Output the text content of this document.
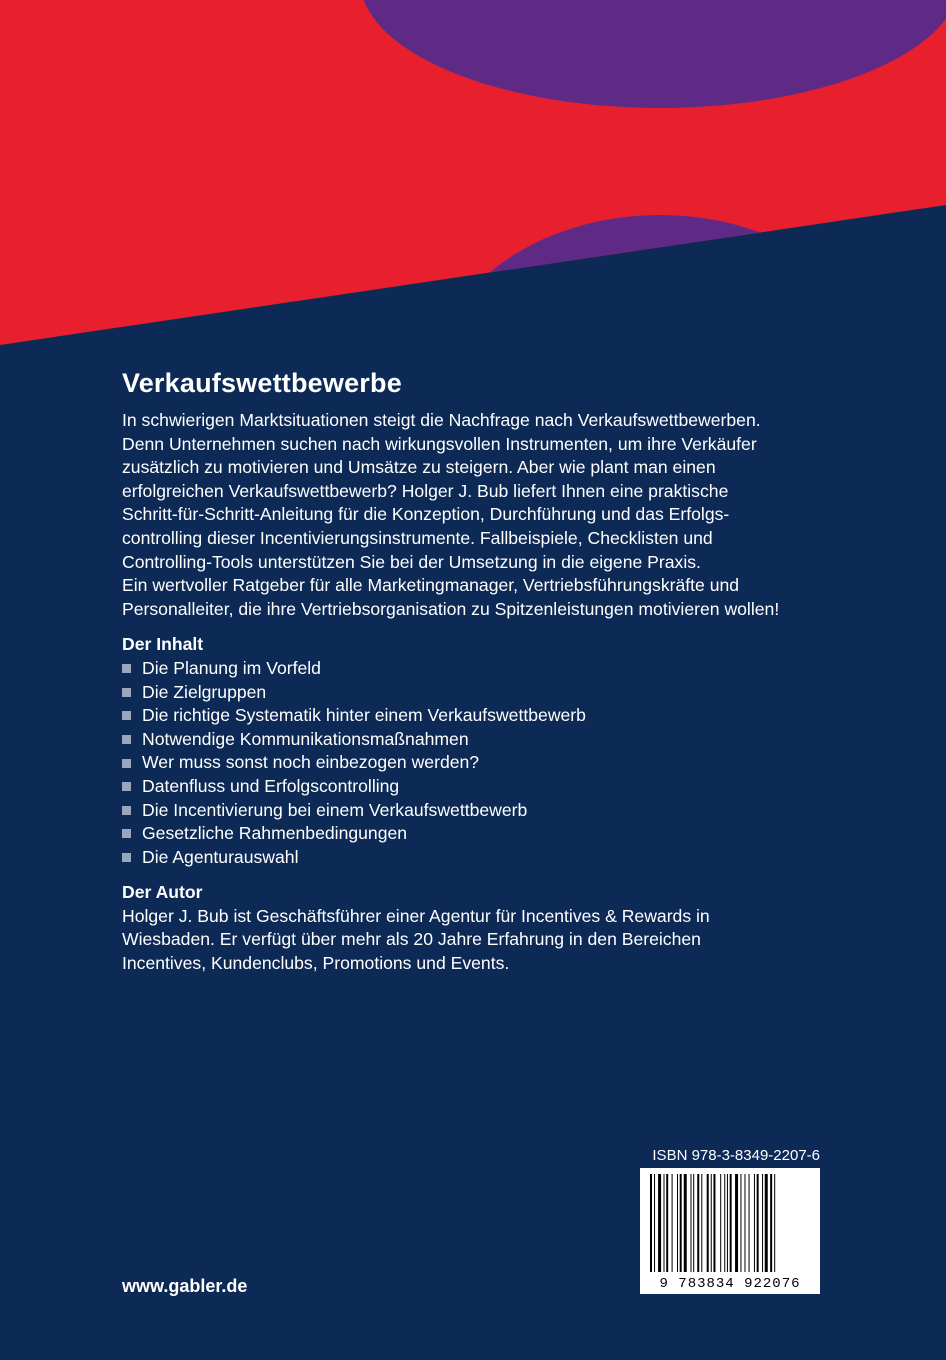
Verkaufswettbewerbe

In schwierigen Marktsituationen steigt die Nachfrage nach Verkaufswettbewerben.
Denn Unternehmen suchen nach wirkungsvollen Instrumenten, um ihre Verkäufer
zusätzlich zu motivieren und Umsätze zu steigern. Aber wie plant man einen
erfolgreichen Verkaufswettbewerb? Holger J. Bub liefert Ihnen eine praktische
Schritt-für-Schritt-Anleitung für die Konzeption, Durchführung und das Erfolgs-
controlling dieser Incentivierungsinstrumente. Fallbeispiele, Checklisten und
Controlling-Tools unterstützen Sie bei der Umsetzung in die eigene Praxis.
Ein wertvoller Ratgeber für alle Marketingmanager, Vertriebsführungskräfte und
Personalleiter, die ihre Vertriebsorganisation zu Spitzenleistungen motivieren wollen!

Der Inhalt
Die Planung im Vorfeld
Die Zielgruppen
Die richtige Systematik hinter einem Verkaufswettbewerb
Notwendige Kommunikationsmaßnahmen
Wer muss sonst noch einbezogen werden?
Datenfluss und Erfolgscontrolling
Die Incentivierung bei einem Verkaufswettbewerb
Gesetzliche Rahmenbedingungen
Die Agenturauswahl
Der Autor

Holger J. Bub ist Geschäftsführer einer Agentur für Incentives & Rewards in
Wiesbaden. Er verfügt über mehr als 20 Jahre Erfahrung in den Bereichen
Incentives, Kundenclubs, Promotions und Events.

www.gabler.de
ISBN 978-3-8349-2207-6
9 783834 922076
